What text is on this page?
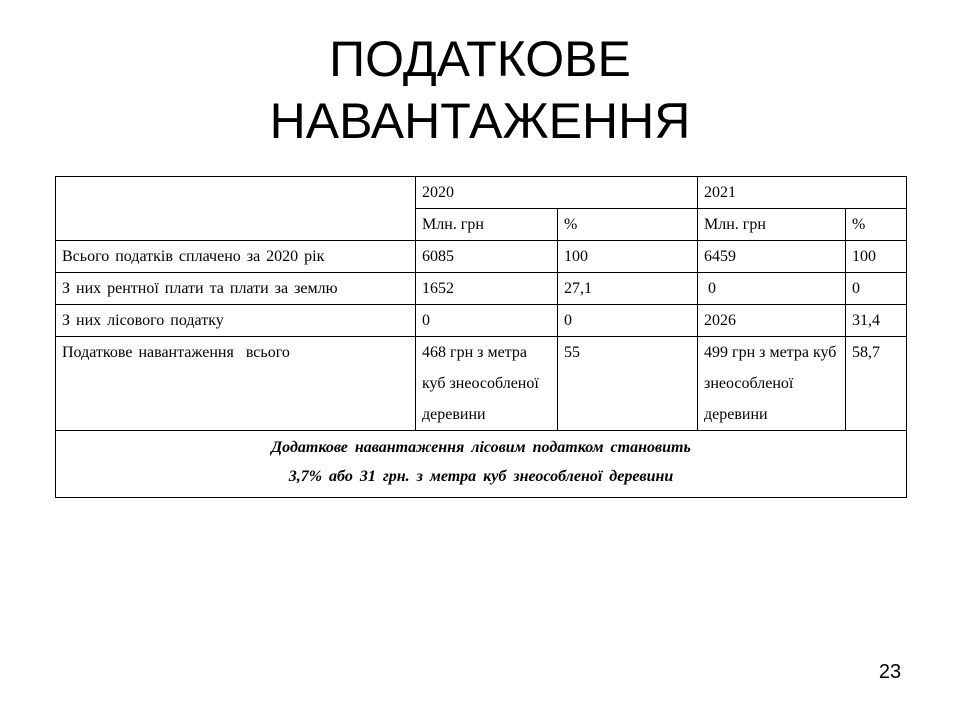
ПОДАТКОВЕ
НАВАНТАЖЕННЯ
	2020		2021	
	Млн. грн	%	Млн. грн	%
Всього податків сплачено за 2020 рік	6085	100	6459	100
З них рентної плати та плати за землю	1652	27,1	0	0
З них лісового податку	0	0	2026	31,4
Податкове навантаження  всього	468 грн з метра куб знеособленої деревини	55	499 грн з метра куб знеособленої деревини	58,7

Додаткове навантаження лісовим податком становить
3,7% або 31 грн. з метра куб знеособленої деревини				
23
